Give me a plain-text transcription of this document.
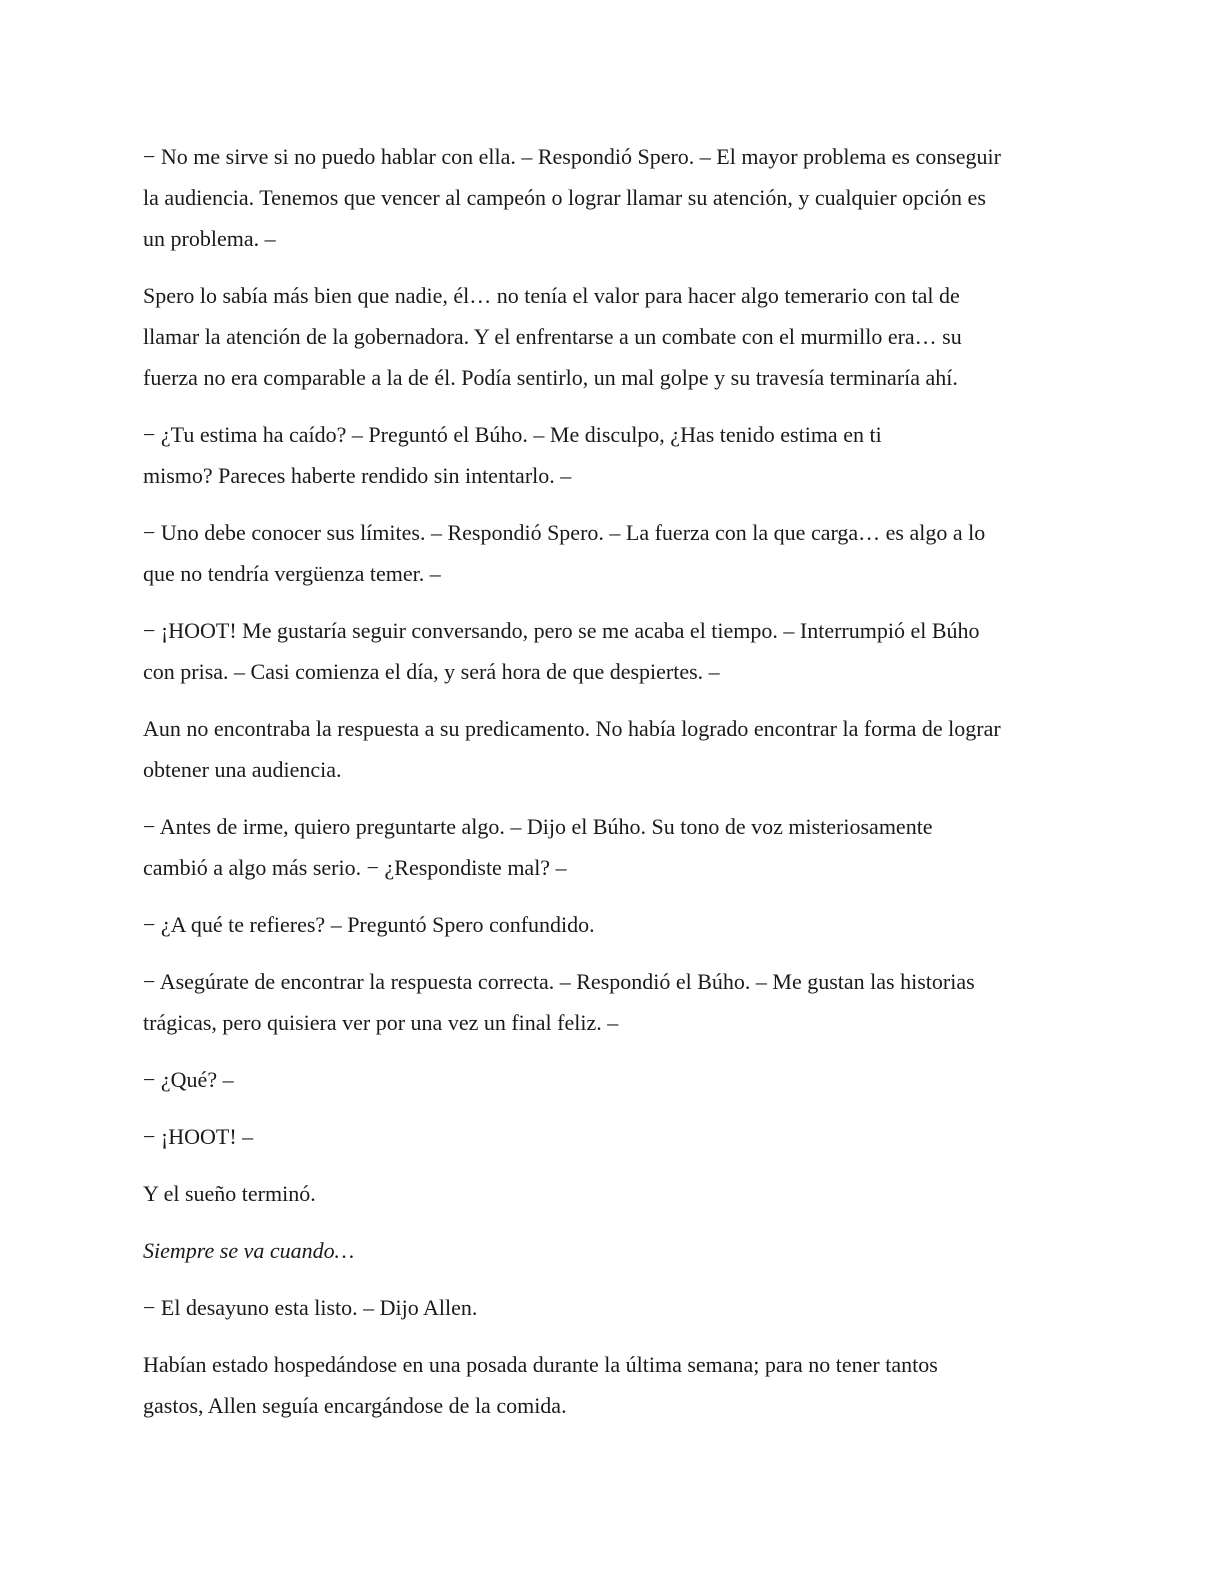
− No me sirve si no puedo hablar con ella. – Respondió Spero. – El mayor problema es conseguir
la audiencia. Tenemos que vencer al campeón o lograr llamar su atención, y cualquier opción es
un problema. –

Spero lo sabía más bien que nadie, él… no tenía el valor para hacer algo temerario con tal de
llamar la atención de la gobernadora. Y el enfrentarse a un combate con el murmillo era… su
fuerza no era comparable a la de él. Podía sentirlo, un mal golpe y su travesía terminaría ahí.

− ¿Tu estima ha caído? – Preguntó el Búho. – Me disculpo, ¿Has tenido estima en ti
mismo? Pareces haberte rendido sin intentarlo. –

− Uno debe conocer sus límites. – Respondió Spero. – La fuerza con la que carga… es algo a lo
que no tendría vergüenza temer. –

− ¡HOOT! Me gustaría seguir conversando, pero se me acaba el tiempo. – Interrumpió el Búho
con prisa. – Casi comienza el día, y será hora de que despiertes. –

Aun no encontraba la respuesta a su predicamento. No había logrado encontrar la forma de lograr
obtener una audiencia.

− Antes de irme, quiero preguntarte algo. – Dijo el Búho. Su tono de voz misteriosamente
cambió a algo más serio. − ¿Respondiste mal? –

− ¿A qué te refieres? – Preguntó Spero confundido.

− Asegúrate de encontrar la respuesta correcta. – Respondió el Búho. – Me gustan las historias
trágicas, pero quisiera ver por una vez un final feliz. –

− ¿Qué? –

− ¡HOOT! –

Y el sueño terminó.

Siempre se va cuando…

− El desayuno esta listo. – Dijo Allen.

Habían estado hospedándose en una posada durante la última semana; para no tener tantos
gastos, Allen seguía encargándose de la comida.
